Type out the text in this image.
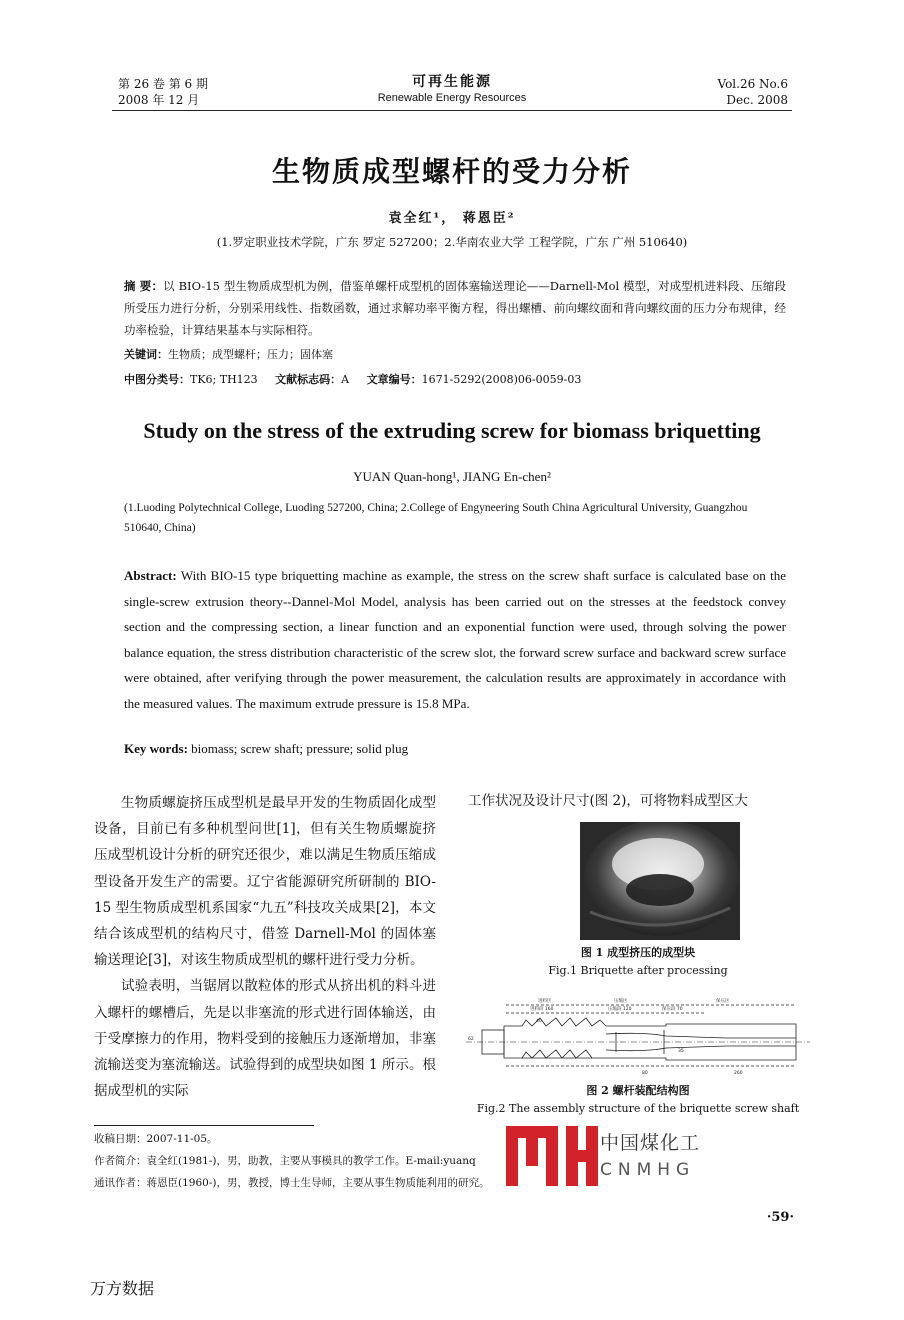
第 26 卷 第 6 期
2008 年 12 月
可再生能源
Renewable Energy Resources
Vol.26 No.6
Dec. 2008
生物质成型螺杆的受力分析
袁全红¹， 蒋恩臣²
(1.罗定职业技术学院，广东 罗定 527200；2.华南农业大学 工程学院，广东 广州 510640)
摘 要：以 BIO-15 型生物质成型机为例，借鉴单螺杆成型机的固体塞输送理论——Darnell-Mol 模型，对成型机进料段、压缩段所受压力进行分析，分别采用线性、指数函数，通过求解功率平衡方程，得出螺槽、前向螺纹面和背向螺纹面的压力分布规律，经功率检验，计算结果基本与实际相符。
关键词：生物质；成型螺杆；压力；固体塞
中图分类号：TK6; TH123 文献标志码：A 文章编号：1671-5292(2008)06-0059-03
Study on the stress of the extruding screw for biomass briquetting
YUAN Quan-hong¹, JIANG En-chen²
(1.Luoding Polytechnical College, Luoding 527200, China; 2.College of Engyneering South China Agricultural University, Guangzhou 510640, China)
Abstract: With BIO-15 type briquetting machine as example, the stress on the screw shaft surface is calculated base on the single-screw extrusion theory--Dannel-Mol Model, analysis has been carried out on the stresses at the feedstock convey section and the compressing section, a linear function and an exponential function were used, through solving the power balance equation, the stress distribution characteristic of the screw slot, the forward screw surface and backward screw surface were obtained, after verifying through the power measurement, the calculation results are approximately in accordance with the measured values. The maximum extrude pressure is 15.8 MPa.
Key words: biomass; screw shaft; pressure; solid plug

生物质螺旋挤压成型机是最早开发的生物质固化成型设备，目前已有多种机型问世[1]，但有关生物质螺旋挤压成型机设计分析的研究还很少，难以满足生物质压缩成型设备开发生产的需要。辽宁省能源研究所研制的 BIO-15 型生物质成型机系国家“九五”科技攻关成果[2]，本文结合该成型机的结构尺寸，借签 Darnell-Mol 的固体塞输送理论[3]，对该生物质成型机的螺杆进行受力分析。

试验表明，当锯屑以散粒体的形式从挤出机的料斗进入螺杆的螺槽后，先是以非塞流的形式进行固体输送，由于受摩擦力的作用，物料受到的接触压力逐渐增加，非塞流输送变为塞流输送。试验得到的成型块如图 1 所示。根据成型机的实际

工作状况及设计尺寸(图 2)，可将物料成型区大
图 1 成型挤压的成型块
Fig.1 Briquette after processing
进料区	压缩区	保压区
进料段 160	压缩段 120	保压段 70
62
40
35
80	260
图 2 螺杆装配结构图
Fig.2 The assembly structure of the briquette screw shaft
收稿日期：2007-11-05。
作者简介：袁全红(1981-)，男，助教，主要从事模具的教学工作。E-mail:yuanq
通讯作者：蒋恩臣(1960-)，男，教授，博士生导师，主要从事生物质能利用的研究。
中国煤化工
CNMHG
·59·
万方数据
